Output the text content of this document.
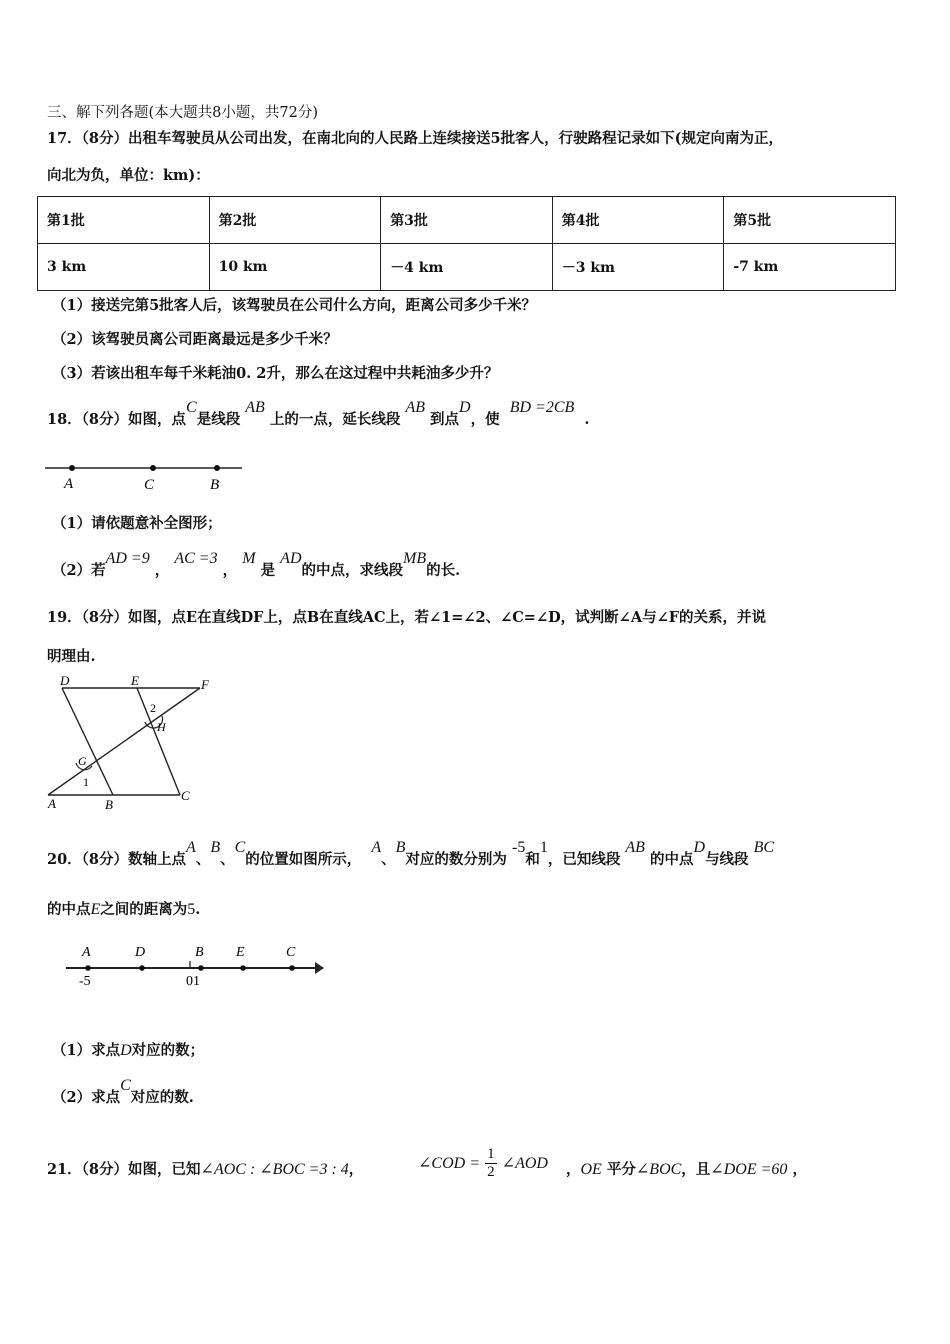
三、解下列各题(本大题共8小题，共72分)
17．（8分）出租车驾驶员从公司出发，在南北向的人民路上连续接送5批客人，行驶路程记录如下(规定向南为正，
向北为负，单位：km)：
第1批	第2批	第3批	第4批	第5批
3 km	10 km	－4 km	－3 km	-7 km
（1）接送完第5批客人后，该驾驶员在公司什么方向，距离公司多少千米？
（2）该驾驶员离公司距离最远是多少千米？
（3）若该出租车每千米耗油0. 2升，那么在这过程中共耗油多少升？
18．（8分）如图，点C是线段 AB 上的一点，延长线段 AB 到点D，使  BD =2CB  .
A	C	B
（1）请依题意补全图形；
（2）若AD =9 ， AC =3 ， M 是 AD的中点，求线段MB的长.
19．（8分）如图，点E在直线DF上，点B在直线AC上，若∠1=∠2、∠C=∠D，试判断∠A与∠F的关系，并说
明理由.
D	E	F
2
H
G
1
A	B
C
20．（8分）数轴上点A、B、C的位置如图所示，  A、B对应的数分别为 -5和1，已知线段 AB 的中点D与线段 BC
的中点E之间的距离为5.
A	D	B E	C
-5	01
（1）求点D对应的数；
（2）求点C对应的数.
21．（8分）如图，已知∠AOC : ∠BOC =3 : 4，	∠COD = $\frac{1}{2}$ ∠AOD ，OE 平分∠BOC，且∠DOE =60 ，
